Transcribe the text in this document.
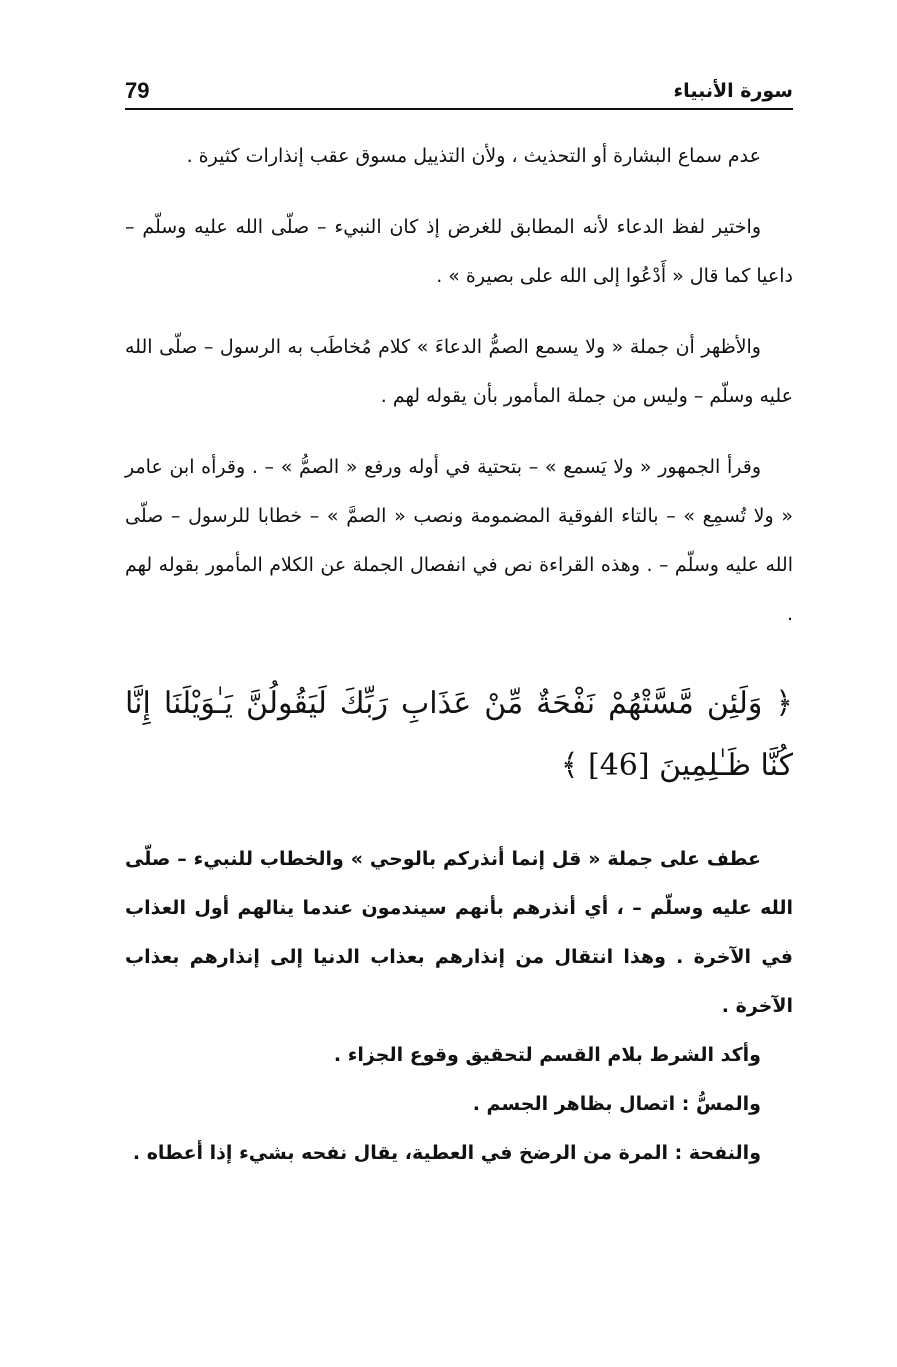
79	سورة الأنبياء

عدم سماع البشارة أو التحذيث ، ولأن التذييل مسوق عقب إنذارات كثيرة .

واختير لفظ الدعاء لأنه المطابق للغرض إذ كان النبيء – صلّى الله عليه وسلّم – داعيا كما قال « أَدْعُوا إلى الله على بصيرة » .

والأظهر أن جملة « ولا يسمع الصمُّ الدعاءَ » كلام مُخاطَب به الرسول – صلّى الله عليه وسلّم – وليس من جملة المأمور بأن يقوله لهم .

وقرأ الجمهور « ولا يَسمع » – بتحتية في أوله ورفع « الصمُّ » – . وقرأه ابن عامر « ولا تُسمِع » – بالتاء الفوقية المضمومة ونصب « الصمَّ » – خطابا للرسول – صلّى الله عليه وسلّم – . وهذه القراءة نص في انفصال الجملة عن الكلام المأمور بقوله لهم .

﴿ وَلَئِن مَّسَّتْهُمْ نَفْحَةٌ مِّنْ عَذَابِ رَبِّكَ لَيَقُولُنَّ يَـٰوَيْلَنَا إِنَّا كُنَّا ظَـٰلِمِينَ [46] ﴾

عطف على جملة « قل إنما أنذركم بالوحي » والخطاب للنبيء – صلّى الله عليه وسلّم – ، أي أنذرهم بأنهم سيندمون عندما ينالهم أول العذاب في الآخرة . وهذا انتقال من إنذارهم بعذاب الدنيا إلى إنذارهم بعذاب الآخرة .

وأكد الشرط بلام القسم لتحقيق وقوع الجزاء .

والمسُّ : اتصال بظاهر الجسم .

والنفحة : المرة من الرضخ في العطية، يقال نفحه بشيء إذا أعطاه .
